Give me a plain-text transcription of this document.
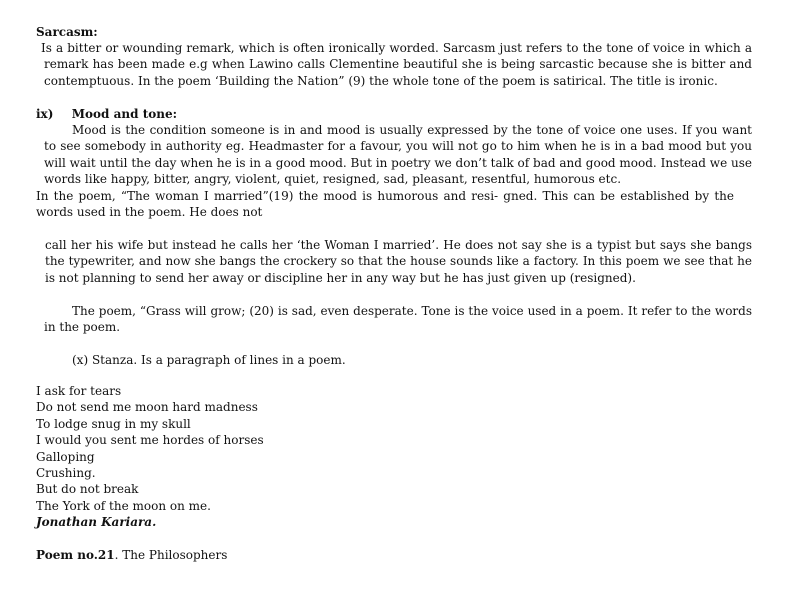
Sarcasm:
Is a bitter or wounding remark, which is often ironically worded. Sarcasm just refers to the tone of voice in which a remark has been made e.g when Lawino calls Clementine beautiful she is being sarcastic because she is bitter and contemptuous. In the poem ‘Building the Nation” (9) the whole tone of the poem is satirical. The title is ironic.
ix) Mood and tone:
Mood is the condition someone is in and mood is usually expressed by the tone of voice one uses. If you want to see somebody in authority eg. Headmaster for a favour, you will not go to him when he is in a bad mood but you will wait until the day when he is in a good mood. But in poetry we don’t talk of bad and good mood. Instead we use words like happy, bitter, angry, violent, quiet, resigned, sad, pleasant, resentful, humorous etc.
In the poem, “The woman I married”(19) the mood is humorous and resi- gned. This can be established by the words used in the poem. He does not
call her his wife but instead he calls her ‘the Woman I married’. He does not say she is a typist but says she bangs the typewriter, and now she bangs the crockery so that the house sounds like a factory. In this poem we see that he is not planning to send her away or discipline her in any way but he has just given up (resigned).
The poem, “Grass will grow; (20) is sad, even desperate. Tone is the voice used in a poem. It refer to the words in the poem.
(x) Stanza. Is a paragraph of lines in a poem.
I ask for tears
Do not send me moon hard madness
To lodge snug in my skull
I would you sent me hordes of horses
Galloping
Crushing.
But do not break
The York of the moon on me.
Jonathan Kariara.
Poem no.21. The Philosophers
